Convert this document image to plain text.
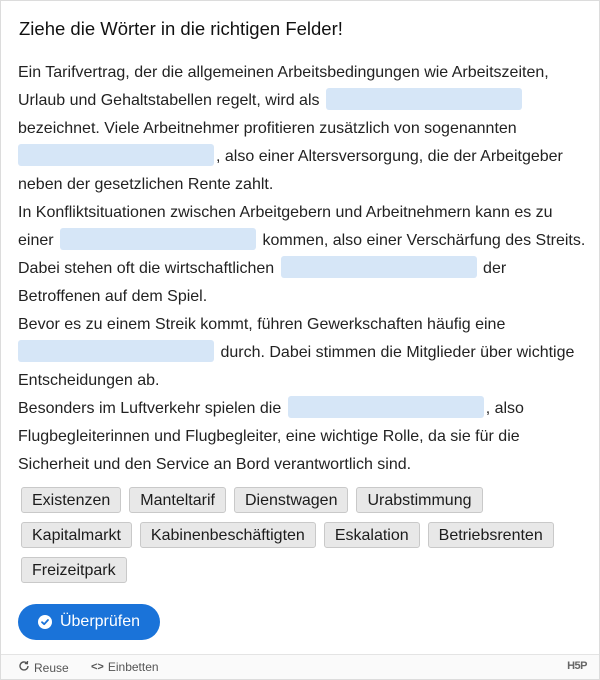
Ziehe die Wörter in die richtigen Felder!
Ein Tarifvertrag, der die allgemeinen Arbeitsbedingungen wie Arbeitszeiten, Urlaub und Gehaltstabellen regelt, wird als
bezeichnet. Viele Arbeitnehmer profitieren zusätzlich von sogenannten
, also einer Altersversorgung, die der Arbeitgeber neben der gesetzlichen Rente zahlt.
In Konfliktsituationen zwischen Arbeitgebern und Arbeitnehmern kann es zu einer	kommen, also einer Verschärfung des Streits. Dabei stehen oft die wirtschaftlichen	der Betroffenen auf dem Spiel.
Bevor es zu einem Streik kommt, führen Gewerkschaften häufig eine
durch. Dabei stimmen die Mitglieder über wichtige Entscheidungen ab.
Besonders im Luftverkehr spielen die	, also Flugbegleiterinnen und Flugbegleiter, eine wichtige Rolle, da sie für die Sicherheit und den Service an Bord verantwortlich sind.
Existenzen	Manteltarif	Dienstwagen	Urabstimmung
Kapitalmarkt	Kabinenbeschäftigten	Eskalation	Betriebsrenten
Freizeitpark
Überprüfen
Reuse <> Einbetten	H5P
